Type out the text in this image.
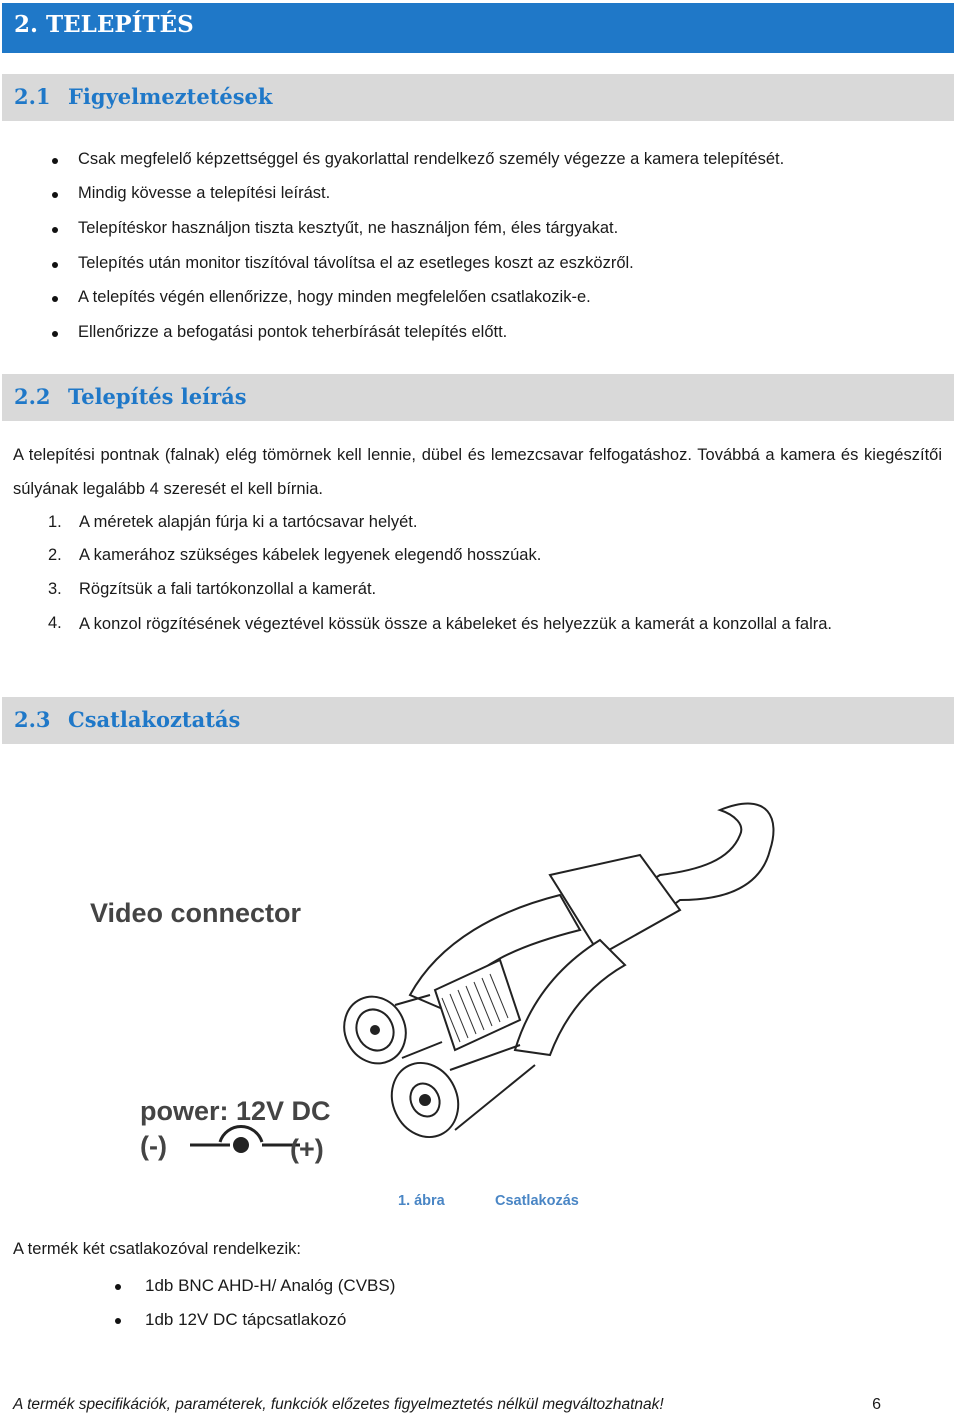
2. TELEPÍTÉS
2.1 Figyelmeztetések
Csak megfelelő képzettséggel és gyakorlattal rendelkező személy végezze a kamera telepítését.
Mindig kövesse a telepítési leírást.
Telepítéskor használjon tiszta kesztyűt, ne használjon fém, éles tárgyakat.
Telepítés után monitor tiszítóval távolítsa el az esetleges koszt az eszközről.
A telepítés végén ellenőrizze, hogy minden megfelelően csatlakozik-e.
Ellenőrizze a befogatási pontok teherbírását telepítés előtt.
2.2 Telepítés leírás
A telepítési pontnak (falnak) elég tömörnek kell lennie, dübel és lemezcsavar felfogatáshoz. Továbbá a kamera és kiegészítői súlyának legalább 4 szeresét el kell bírnia.
1. A méretek alapján fúrja ki a tartócsavar helyét.
2. A kamerához szükséges kábelek legyenek elegendő hosszúak.
3. Rögzítsük a fali tartókonzollal a kamerát.
4. A konzol rögzítésének végeztével kössük össze a kábeleket és helyezzük a kamerát a konzollal a falra.
2.3 Csatlakoztatás
Video connector
power: 12V DC
(-)	(+)
1. ábra	Csatlakozás
A termék két csatlakozóval rendelkezik:
1db BNC AHD-H/ Analóg (CVBS)
1db 12V DC tápcsatlakozó
A termék specifikációk, paraméterek, funkciók előzetes figyelmeztetés nélkül megváltozhatnak!	6
